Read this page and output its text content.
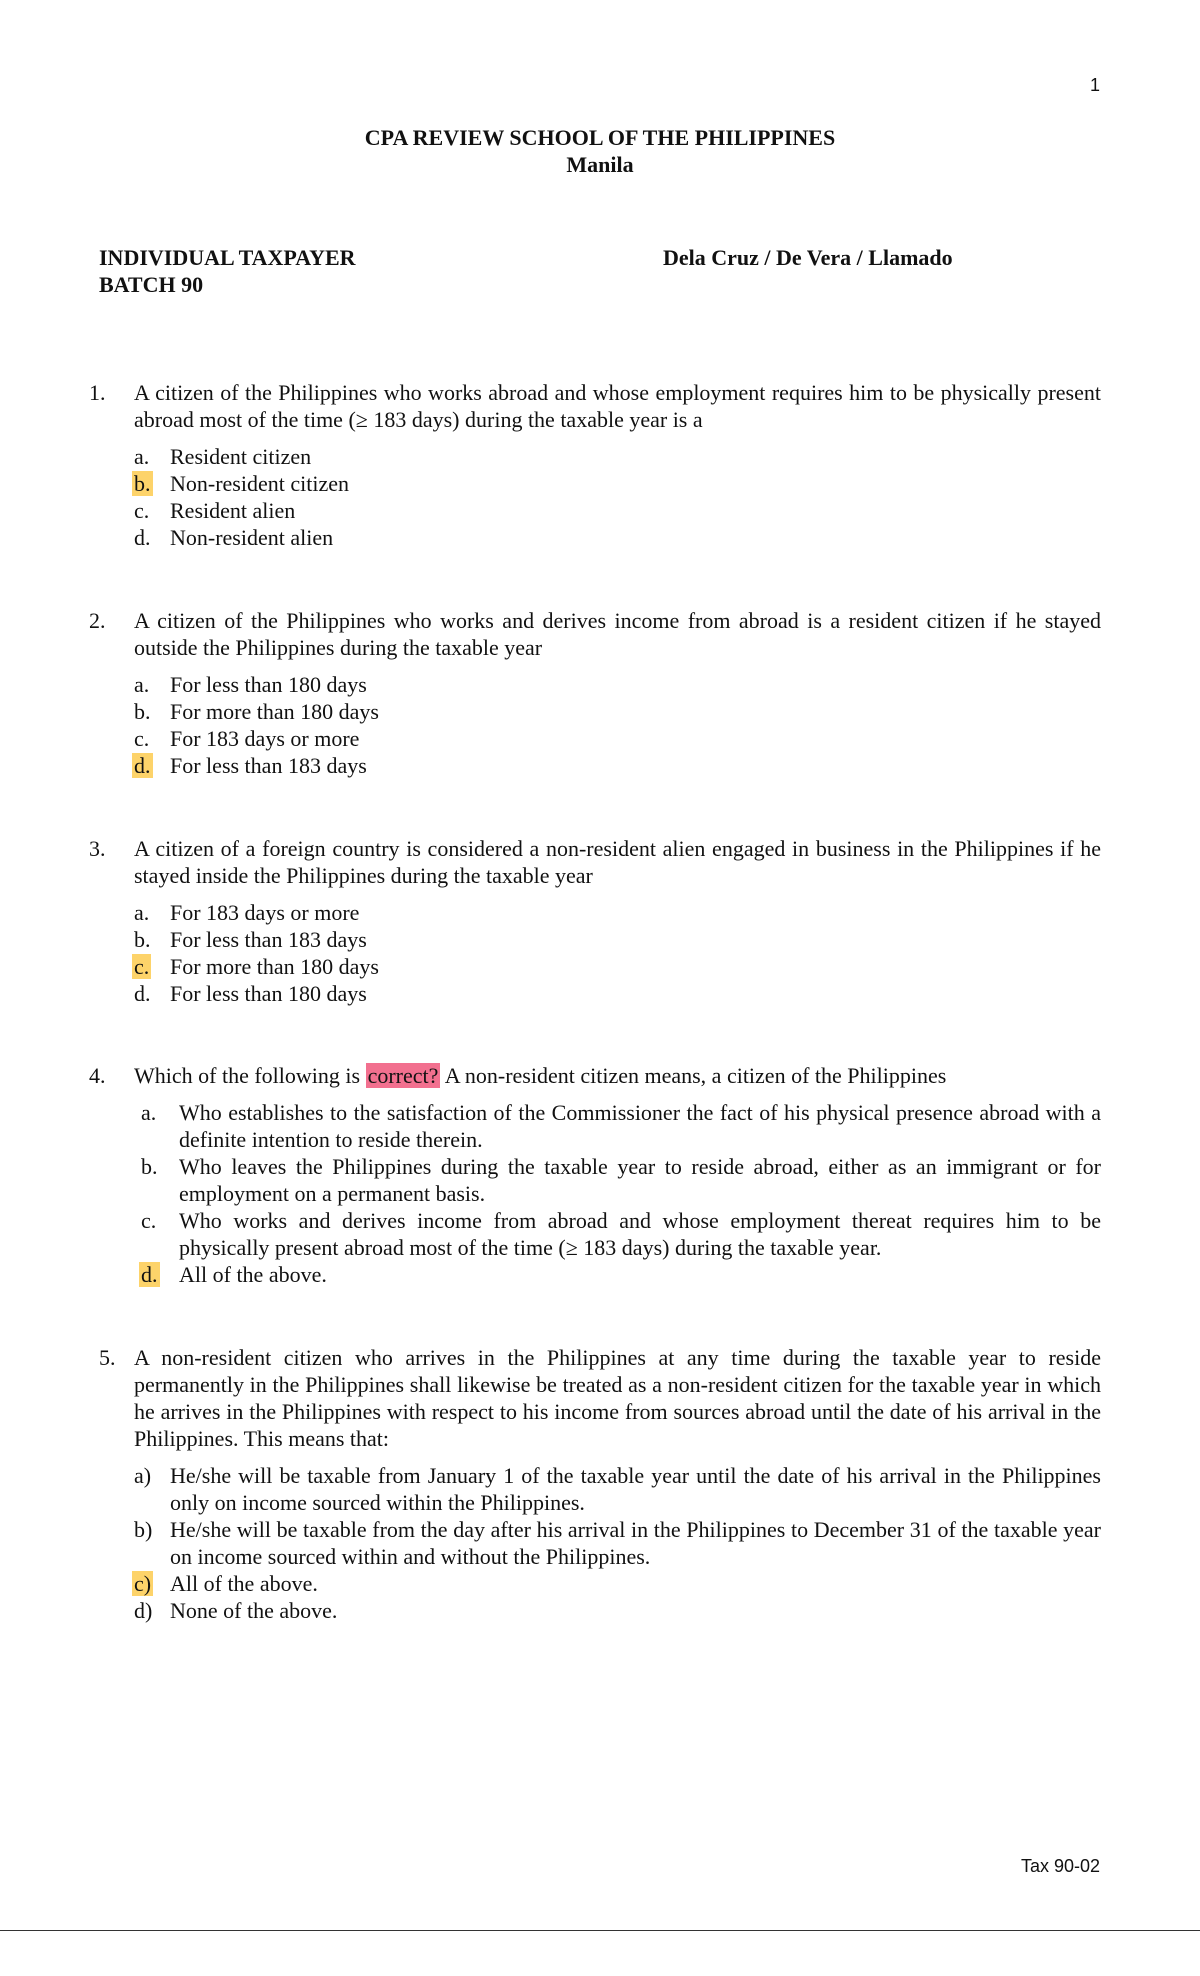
1
CPA REVIEW SCHOOL OF THE PHILIPPINES
Manila
INDIVIDUAL TAXPAYER
BATCH 90
Dela Cruz / De Vera / Llamado
1.	A citizen of the Philippines who works abroad and whose employment requires him to be physically present abroad most of the time (≥ 183 days) during the taxable year is a
a. Resident citizen
b. Non-resident citizen
c. Resident alien
d. Non-resident alien
2.	A citizen of the Philippines who works and derives income from abroad is a resident citizen if he stayed outside the Philippines during the taxable year
a. For less than 180 days
b. For more than 180 days
c. For 183 days or more
d. For less than 183 days
3.	A citizen of a foreign country is considered a non-resident alien engaged in business in the Philippines if he stayed inside the Philippines during the taxable year
a. For 183 days or more
b. For less than 183 days
c. For more than 180 days
d. For less than 180 days
4.	Which of the following is correct? A non-resident citizen means, a citizen of the Philippines
a.	Who establishes to the satisfaction of the Commissioner the fact of his physical presence abroad with a definite intention to reside therein.
b. Who leaves the Philippines during the taxable year to reside abroad, either as an immigrant or for employment on a permanent basis.
c.	Who works and derives income from abroad and whose employment thereat requires him to be physically present abroad most of the time (≥ 183 days) during the taxable year.
d. All of the above.
5. A non-resident citizen who arrives in the Philippines at any time during the taxable year to reside permanently in the Philippines shall likewise be treated as a non-resident citizen for the taxable year in which he arrives in the Philippines with respect to his income from sources abroad until the date of his arrival in the Philippines. This means that:
a) He/she will be taxable from January 1 of the taxable year until the date of his arrival in the Philippines only on income sourced within the Philippines.
b) He/she will be taxable from the day after his arrival in the Philippines to December 31 of the taxable year on income sourced within and without the Philippines.
c) All of the above.
d) None of the above.
Tax 90-02
